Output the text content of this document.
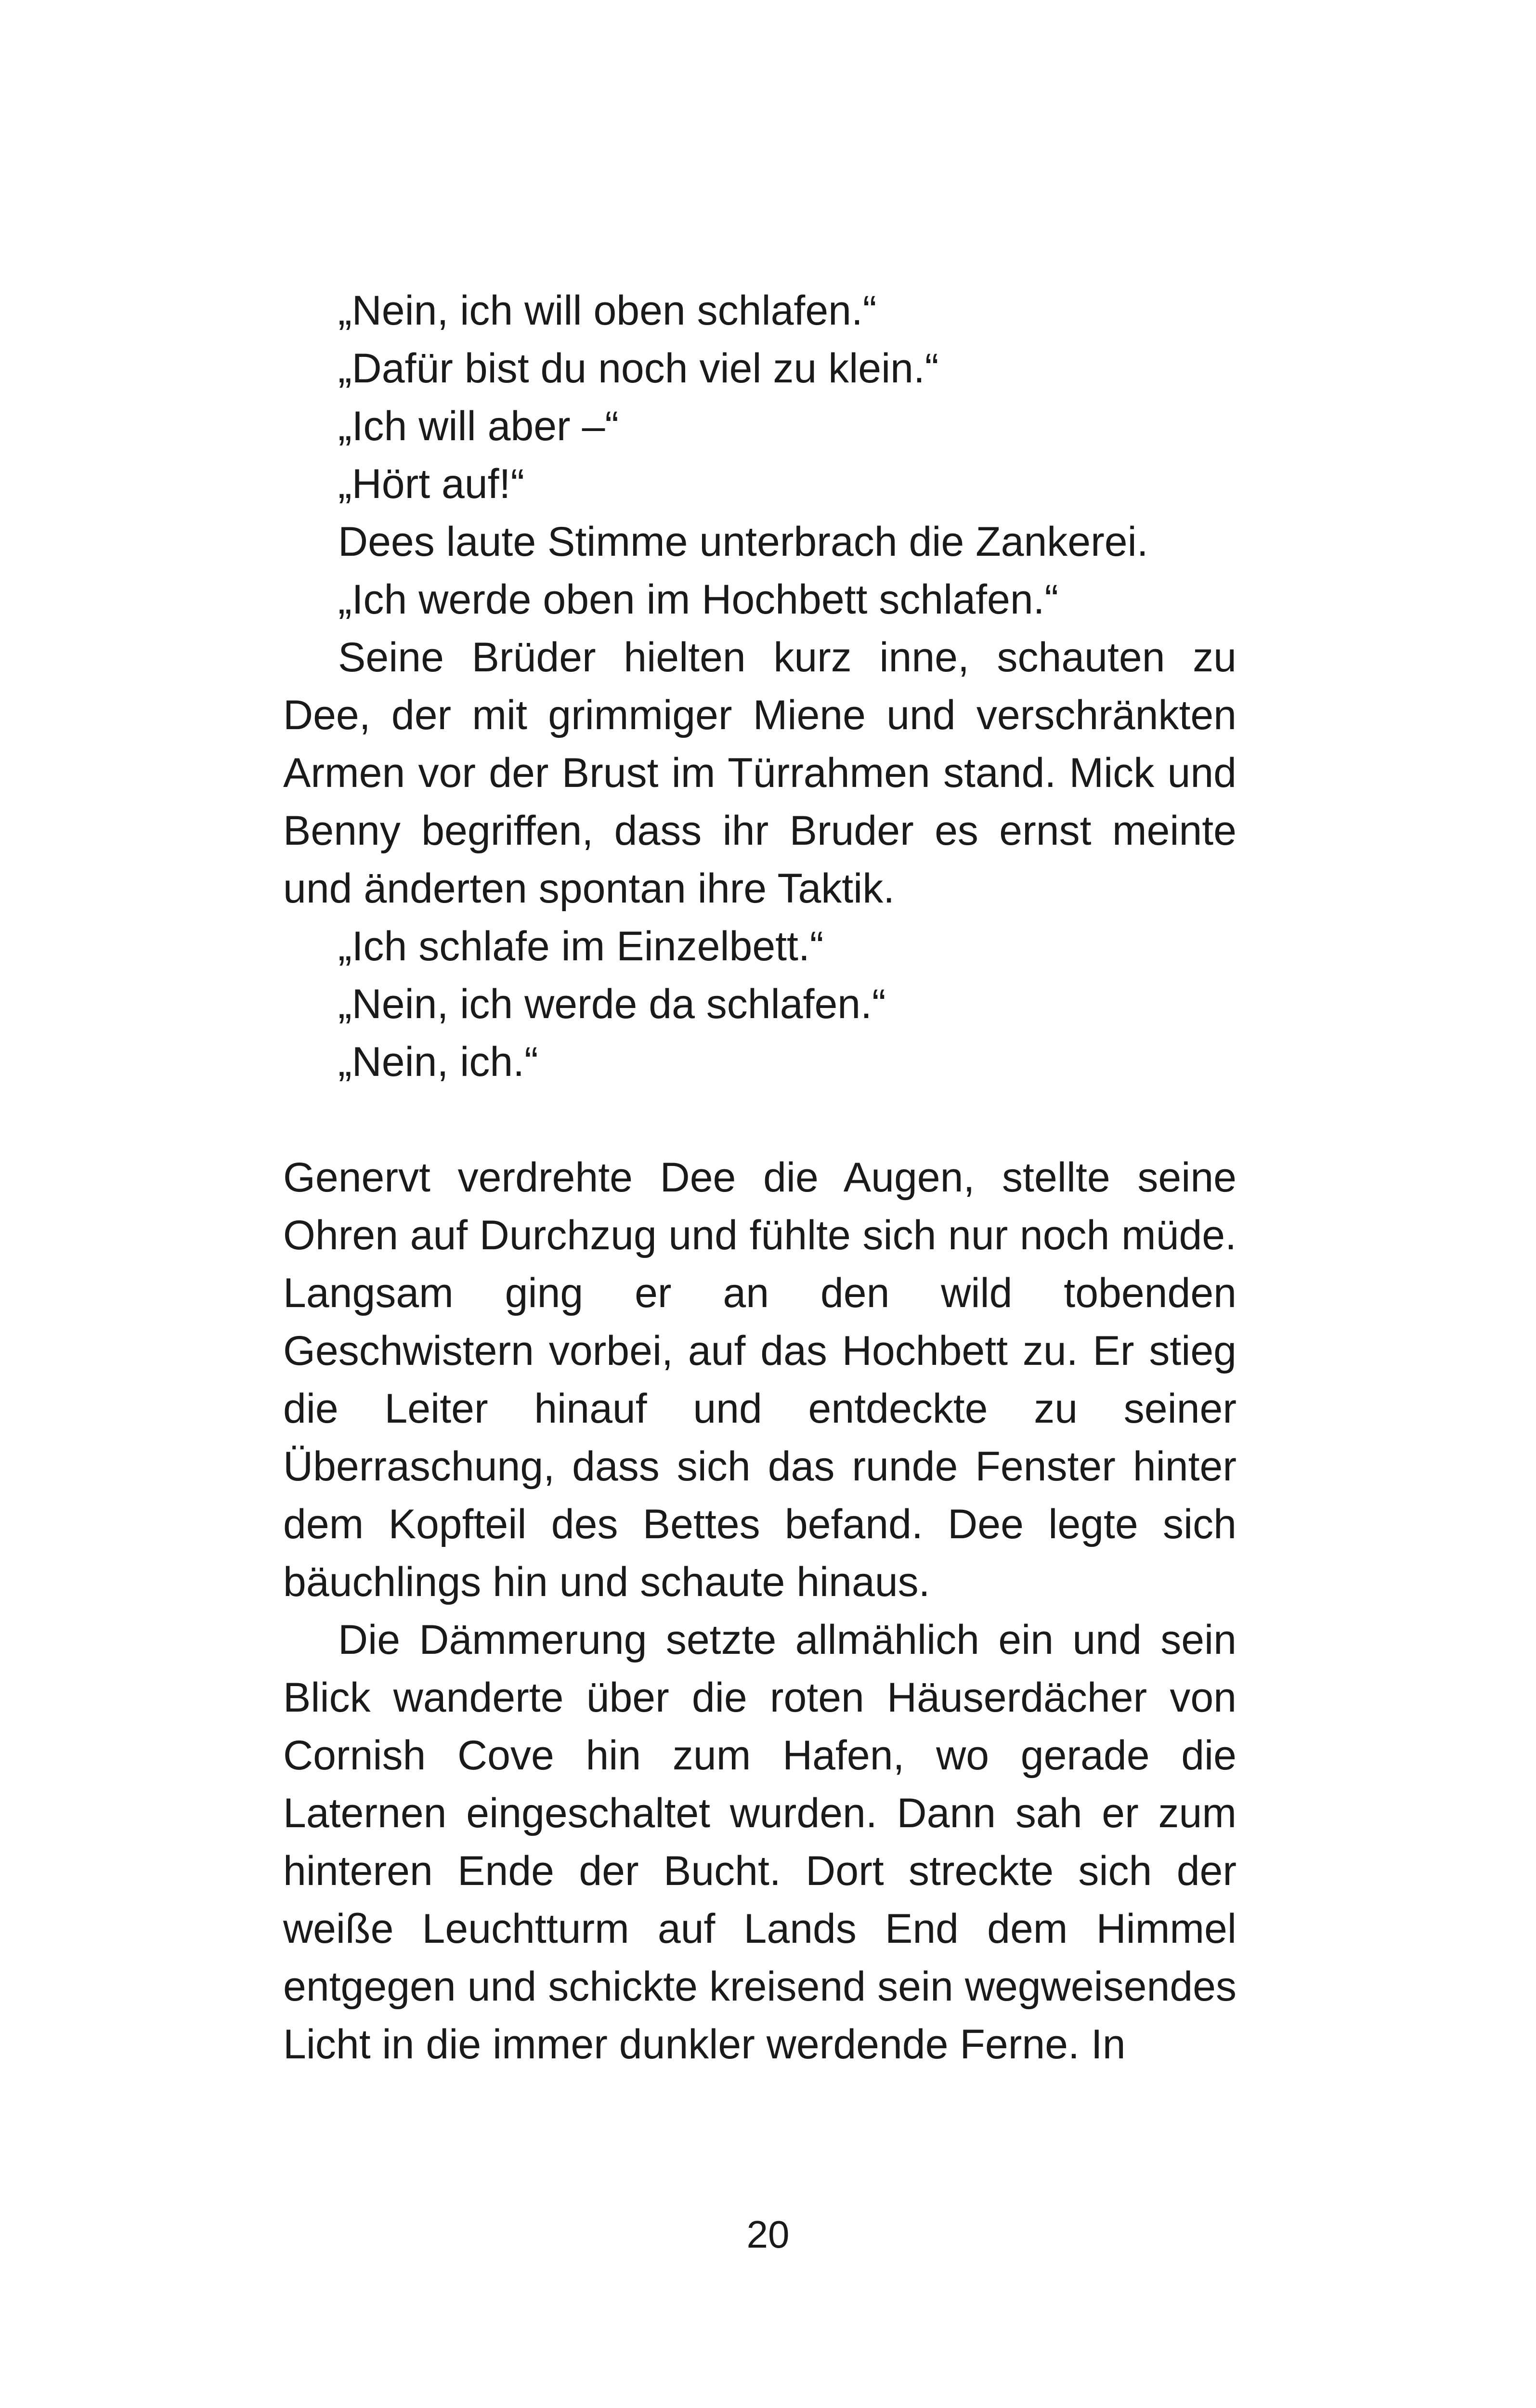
„Nein, ich will oben schlafen.“

„Dafür bist du noch viel zu klein.“

„Ich will aber –“

„Hört auf!“

Dees laute Stimme unterbrach die Zankerei.

„Ich werde oben im Hochbett schlafen.“

Seine Brüder hielten kurz inne, schauten zu Dee, der mit grimmiger Miene und verschränkten Armen vor der Brust im Türrahmen stand. Mick und Benny begriffen, dass ihr Bruder es ernst meinte und änderten spontan ihre Taktik.

„Ich schlafe im Einzelbett.“

„Nein, ich werde da schlafen.“

„Nein, ich.“

Genervt verdrehte Dee die Augen, stellte seine Ohren auf Durchzug und fühlte sich nur noch müde. Langsam ging er an den wild tobenden Geschwistern vorbei, auf das Hochbett zu. Er stieg die Leiter hinauf und entdeckte zu seiner Überraschung, dass sich das runde Fenster hinter dem Kopfteil des Bettes befand. Dee legte sich bäuchlings hin und schaute hinaus.

Die Dämmerung setzte allmählich ein und sein Blick wanderte über die roten Häuserdächer von Cornish Cove hin zum Hafen, wo gerade die Laternen eingeschaltet wurden. Dann sah er zum hinteren Ende der Bucht. Dort streckte sich der weiße Leuchtturm auf Lands End dem Himmel entgegen und schickte kreisend sein wegweisendes Licht in die immer dunkler werdende Ferne. In

20
